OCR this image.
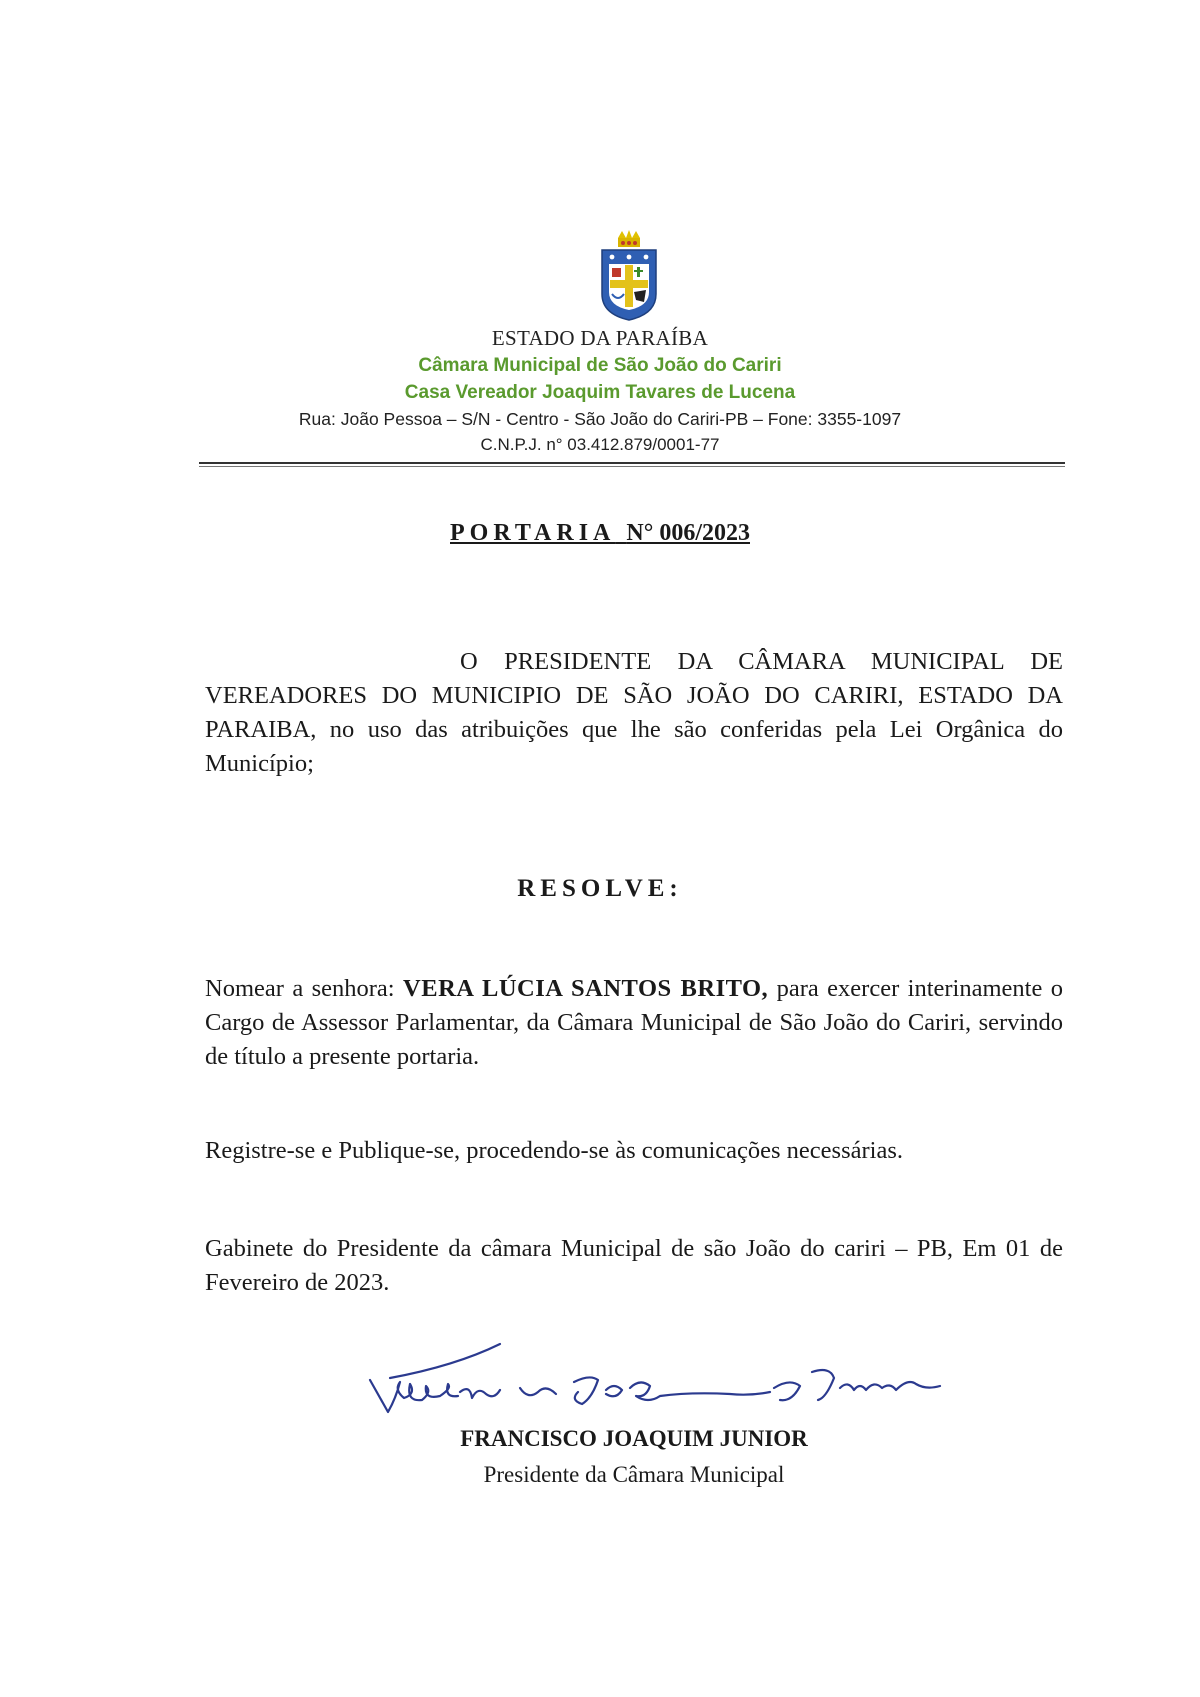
ESTADO DA PARAÍBA
Câmara Municipal de São João do Cariri
Casa Vereador Joaquim Tavares de Lucena
Rua: João Pessoa – S/N - Centro - São João do Cariri-PB – Fone: 3355-1097
C.N.P.J. n° 03.412.879/0001-77
PORTARIA N° 006/2023
O PRESIDENTE DA CÂMARA MUNICIPAL DE VEREADORES DO MUNICIPIO DE SÃO JOÃO DO CARIRI, ESTADO DA PARAIBA, no uso das atribuições que lhe são conferidas pela Lei Orgânica do Município;
RESOLVE:
Nomear a senhora: VERA LÚCIA SANTOS BRITO, para exercer interinamente o Cargo de Assessor Parlamentar, da Câmara Municipal de São João do Cariri, servindo de título a presente portaria.
Registre-se e Publique-se, procedendo-se às comunicações necessárias.
Gabinete do Presidente da câmara Municipal de são João do cariri – PB, Em 01 de Fevereiro de 2023.
FRANCISCO JOAQUIM JUNIOR
Presidente da Câmara Municipal
